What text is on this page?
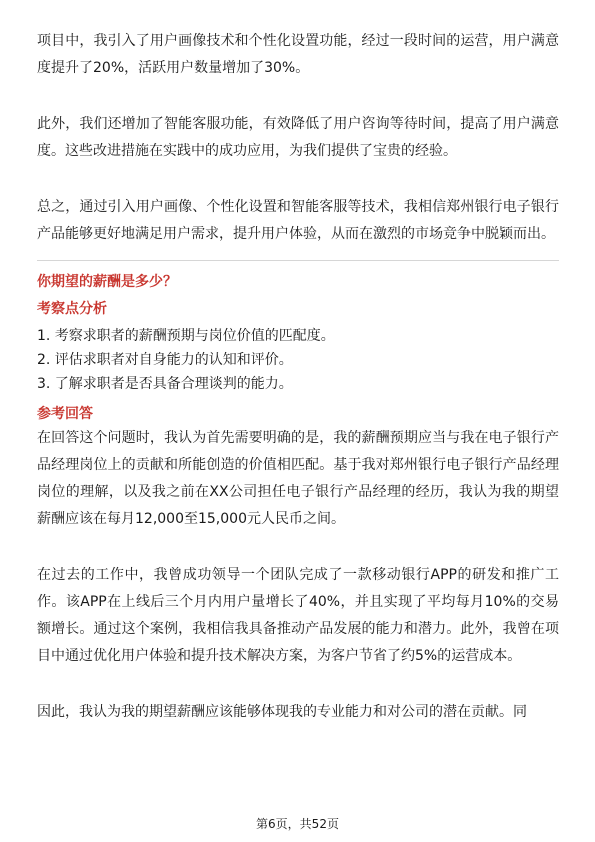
项目中，我引入了用户画像技术和个性化设置功能，经过一段时间的运营，用户满意度提升了20%，活跃用户数量增加了30%。

此外，我们还增加了智能客服功能，有效降低了用户咨询等待时间，提高了用户满意度。这些改进措施在实践中的成功应用，为我们提供了宝贵的经验。

总之，通过引入用户画像、个性化设置和智能客服等技术，我相信郑州银行电子银行产品能够更好地满足用户需求，提升用户体验，从而在激烈的市场竞争中脱颖而出。

你期望的薪酬是多少？

考察点分析

1. 考察求职者的薪酬预期与岗位价值的匹配度。

2. 评估求职者对自身能力的认知和评价。

3. 了解求职者是否具备合理谈判的能力。

参考回答

在回答这个问题时，我认为首先需要明确的是，我的薪酬预期应当与我在电子银行产品经理岗位上的贡献和所能创造的价值相匹配。基于我对郑州银行电子银行产品经理岗位的理解，以及我之前在XX公司担任电子银行产品经理的经历，我认为我的期望薪酬应该在每月12,000至15,000元人民币之间。

在过去的工作中，我曾成功领导一个团队完成了一款移动银行APP的研发和推广工作。该APP在上线后三个月内用户量增长了40%，并且实现了平均每月10%的交易额增长。通过这个案例，我相信我具备推动产品发展的能力和潜力。此外，我曾在项目中通过优化用户体验和提升技术解决方案，为客户节省了约5%的运营成本。

因此，我认为我的期望薪酬应该能够体现我的专业能力和对公司的潜在贡献。同

第6页，共52页
